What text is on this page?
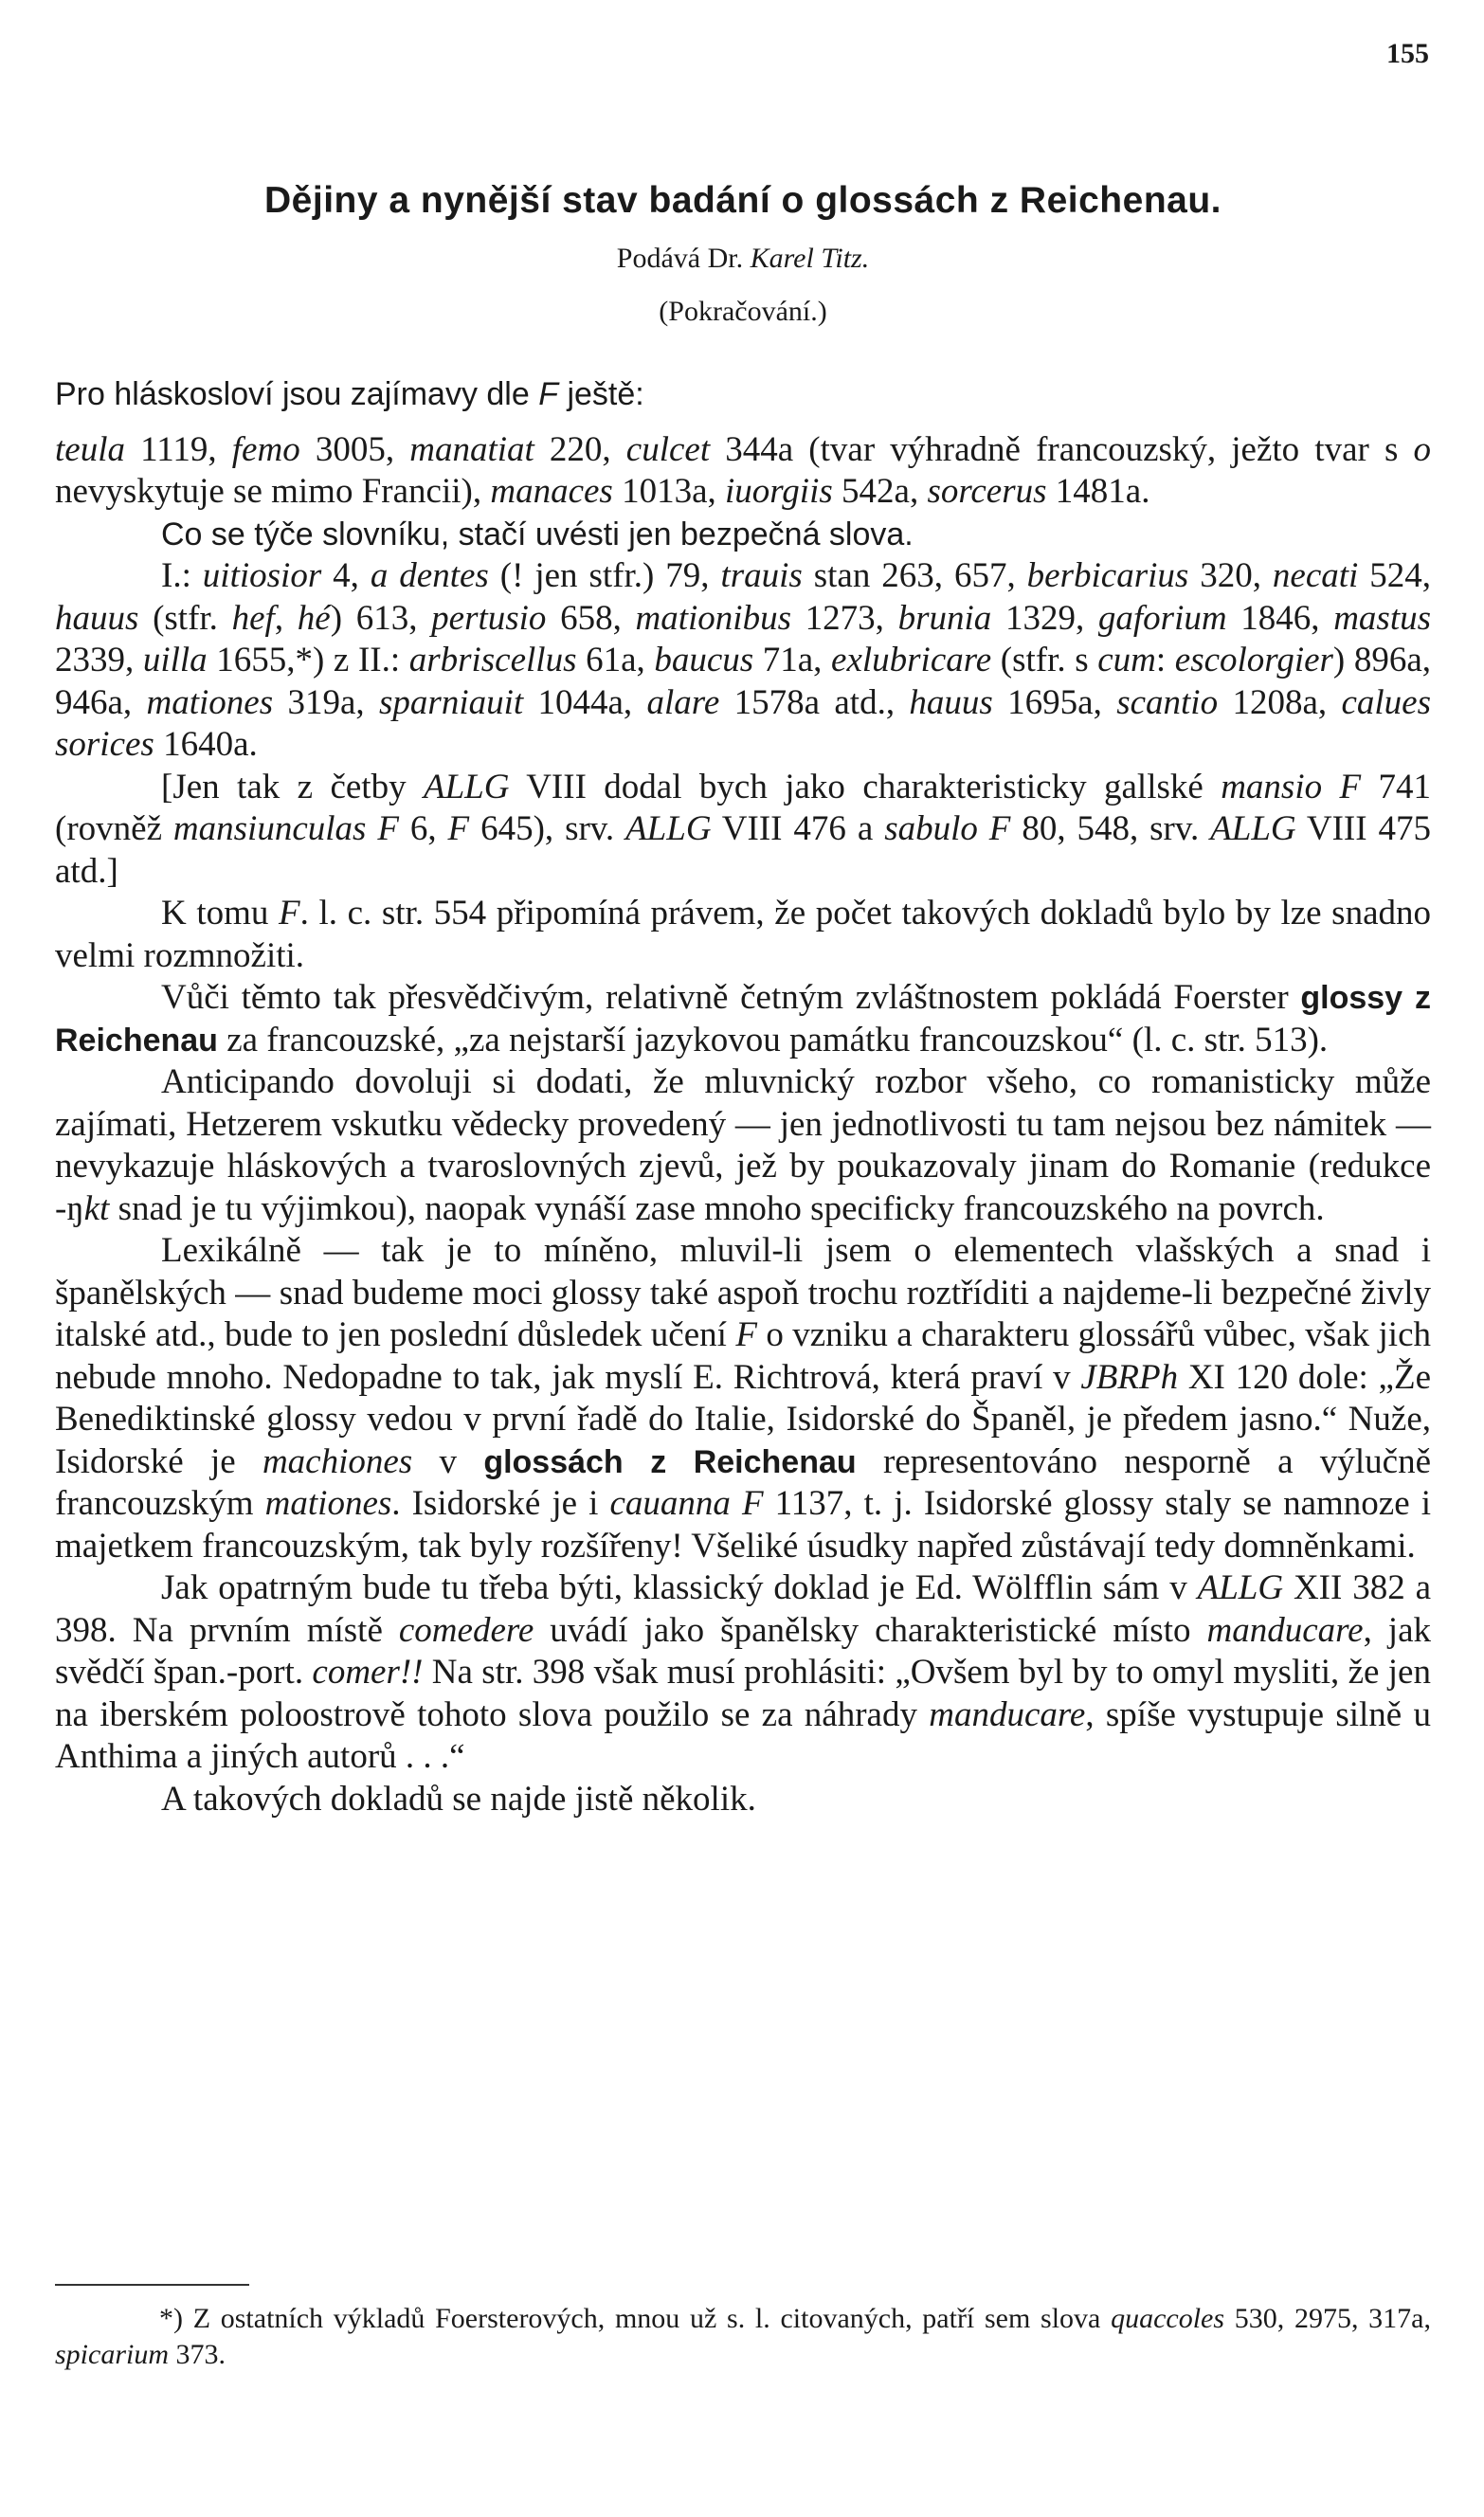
155
Dějiny a nynější stav badání o glossách z Reichenau.
Podává Dr. Karel Titz.
(Pokračování.)

Pro hláskosloví jsou zajímavy dle F ještě:

teula 1119, femo 3005, manatiat 220, culcet 344a (tvar výhradně francouzský, ježto tvar s o nevyskytuje se mimo Francii), manaces 1013a, iuorgiis 542a, sorcerus 1481a.

Co se týče slovníku, stačí uvésti jen bezpečná slova.

I.: uitiosior 4, a dentes (! jen stfr.) 79, trauis stan 263, 657, berbicarius 320, necati 524, hauus (stfr. hef, hé) 613, pertusio 658, mationibus 1273, brunia 1329, gaforium 1846, mastus 2339, uilla 1655,*) z II.: arbriscellus 61a, baucus 71a, exlubricare (stfr. s cum: escolorgier) 896a, 946a, mationes 319a, sparniauit 1044a, alare 1578a atd., hauus 1695a, scantio 1208a, calues sorices 1640a.

[Jen tak z četby ALLG VIII dodal bych jako charakteristicky gallské mansio F 741 (rovněž mansiunculas F 6, F 645), srv. ALLG VIII 476 a sabulo F 80, 548, srv. ALLG VIII 475 atd.]

K tomu F. l. c. str. 554 připomíná právem, že počet takových dokladů bylo by lze snadno velmi rozmnožiti.

Vůči těmto tak přesvědčivým, relativně četným zvláštnostem pokládá Foerster glossy z Reichenau za francouzské, „za nejstarší jazykovou památku francouzskou“ (l. c. str. 513).

Anticipando dovoluji si dodati, že mluvnický rozbor všeho, co romanisticky může zajímati, Hetzerem vskutku vědecky provedený — jen jednotlivosti tu tam nejsou bez námitek — nevykazuje hláskových a tvaroslovných zjevů, jež by poukazovaly jinam do Romanie (redukce -ŋkt snad je tu výjimkou), naopak vynáší zase mnoho specificky francouzského na povrch.

Lexikálně — tak je to míněno, mluvil-li jsem o elementech vlašských a snad i španělských — snad budeme moci glossy také aspoň trochu roztříditi a najdeme-li bezpečné živly italské atd., bude to jen poslední důsledek učení F o vzniku a charakteru glossářů vůbec, však jich nebude mnoho. Nedopadne to tak, jak myslí E. Richtrová, která praví v JBRPh XI 120 dole: „Že Benediktinské glossy vedou v první řadě do Italie, Isidorské do Španěl, je předem jasno.“ Nuže, Isidorské je machiones v glossách z Reichenau representováno nesporně a výlučně francouzským mationes. Isidorské je i cauanna F 1137, t. j. Isidorské glossy staly se namnoze i majetkem francouzským, tak byly rozšířeny! Všeliké úsudky napřed zůstávají tedy domněnkami.

Jak opatrným bude tu třeba býti, klassický doklad je Ed. Wölfflin sám v ALLG XII 382 a 398. Na prvním místě comedere uvádí jako španělsky charakteristické místo manducare, jak svědčí špan.-port. comer!! Na str. 398 však musí prohlásiti: „Ovšem byl by to omyl mysliti, že jen na iberském poloostrově tohoto slova použilo se za náhrady manducare, spíše vystupuje silně u Anthima a jiných autorů . . .“

A takových dokladů se najde jistě několik.

*) Z ostatních výkladů Foersterových, mnou už s. l. citovaných, patří sem slova quaccoles 530, 2975, 317a, spicarium 373.
